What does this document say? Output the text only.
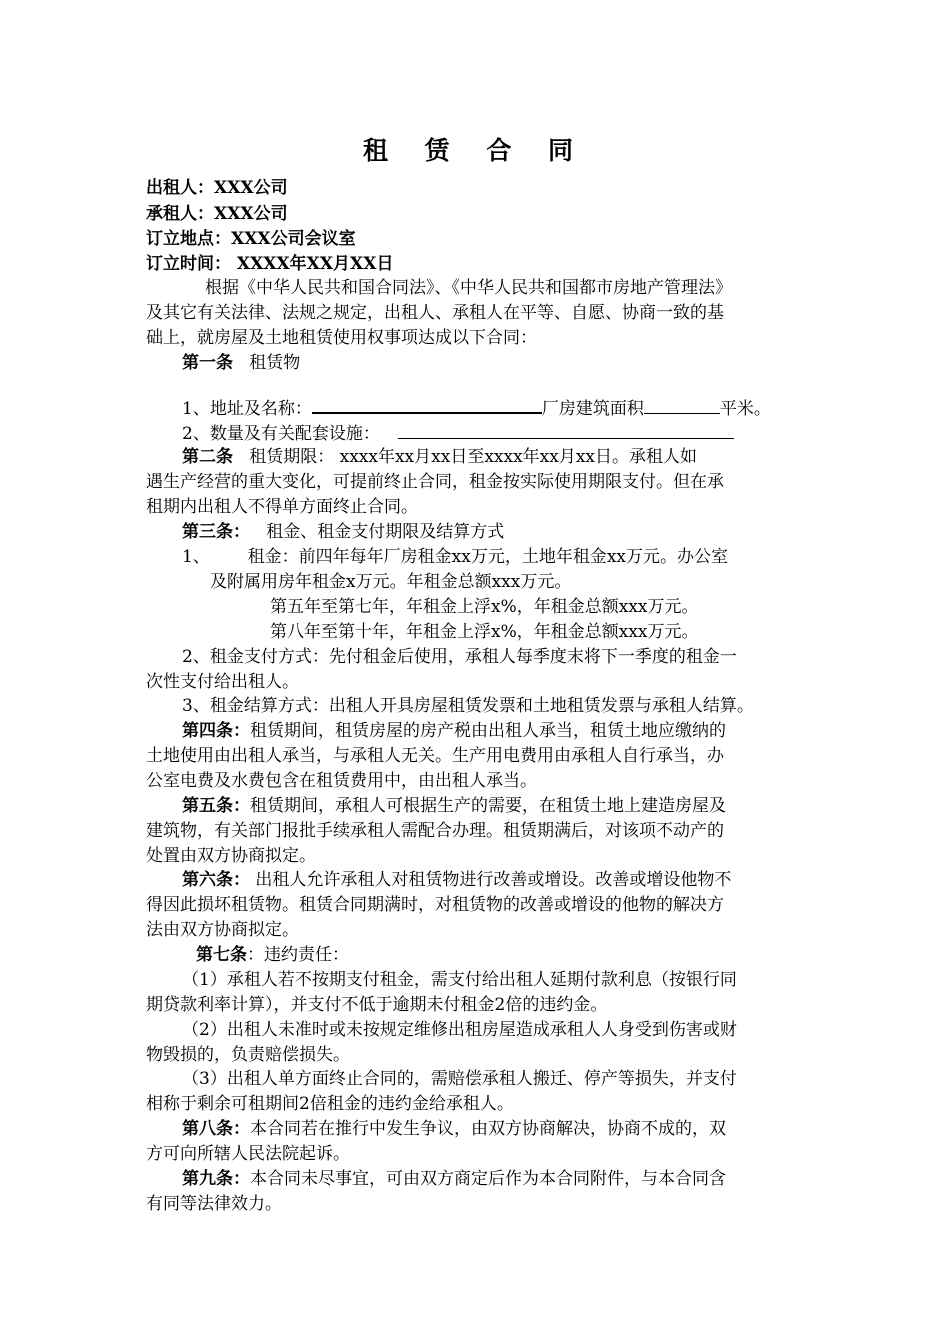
租 赁 合 同
出租人：XXX公司
承租人：XXX公司
订立地点：XXX公司会议室
订立时间： XXXX年XX月XX日
根据《中华人民共和国合同法》、《中华人民共和国都市房地产管理法》
及其它有关法律、法规之规定，出租人、承租人在平等、自愿、协商一致的基
础上，就房屋及土地租赁使用权事项达成以下合同：
第一条 租赁物
1、地址及名称：	厂房建筑面积	平米。
2、数量及有关配套设施：
第二条 租赁期限： xxxx年xx月xx日至xxxx年xx月xx日。承租人如
遇生产经营的重大变化，可提前终止合同，租金按实际使用期限支付。但在承
租期内出租人不得单方面终止合同。
第三条： 租金、租金支付期限及结算方式
1、 租金：前四年每年厂房租金xx万元，土地年租金xx万元。办公室
及附属用房年租金x万元。年租金总额xxx万元。
第五年至第七年，年租金上浮x%，年租金总额xxx万元。
第八年至第十年，年租金上浮x%，年租金总额xxx万元。
2、租金支付方式：先付租金后使用，承租人每季度末将下一季度的租金一
次性支付给出租人。
3、租金结算方式：出租人开具房屋租赁发票和土地租赁发票与承租人结算。
第四条：租赁期间，租赁房屋的房产税由出租人承当，租赁土地应缴纳的
土地使用由出租人承当，与承租人无关。生产用电费用由承租人自行承当，办
公室电费及水费包含在租赁费用中，由出租人承当。
第五条：租赁期间，承租人可根据生产的需要，在租赁土地上建造房屋及
建筑物，有关部门报批手续承租人需配合办理。租赁期满后，对该项不动产的
处置由双方协商拟定。
第六条： 出租人允许承租人对租赁物进行改善或增设。改善或增设他物不
得因此损坏租赁物。租赁合同期满时，对租赁物的改善或增设的他物的解决方
法由双方协商拟定。
第七条：违约责任：
（1）承租人若不按期支付租金，需支付给出租人延期付款利息（按银行同
期贷款利率计算），并支付不低于逾期未付租金2倍的违约金。
（2）出租人未准时或未按规定维修出租房屋造成承租人人身受到伤害或财
物毁损的，负责赔偿损失。
（3）出租人单方面终止合同的，需赔偿承租人搬迁、停产等损失，并支付
相称于剩余可租期间2倍租金的违约金给承租人。
第八条：本合同若在推行中发生争议，由双方协商解决，协商不成的，双
方可向所辖人民法院起诉。
第九条：本合同未尽事宜，可由双方商定后作为本合同附件，与本合同含
有同等法律效力。
